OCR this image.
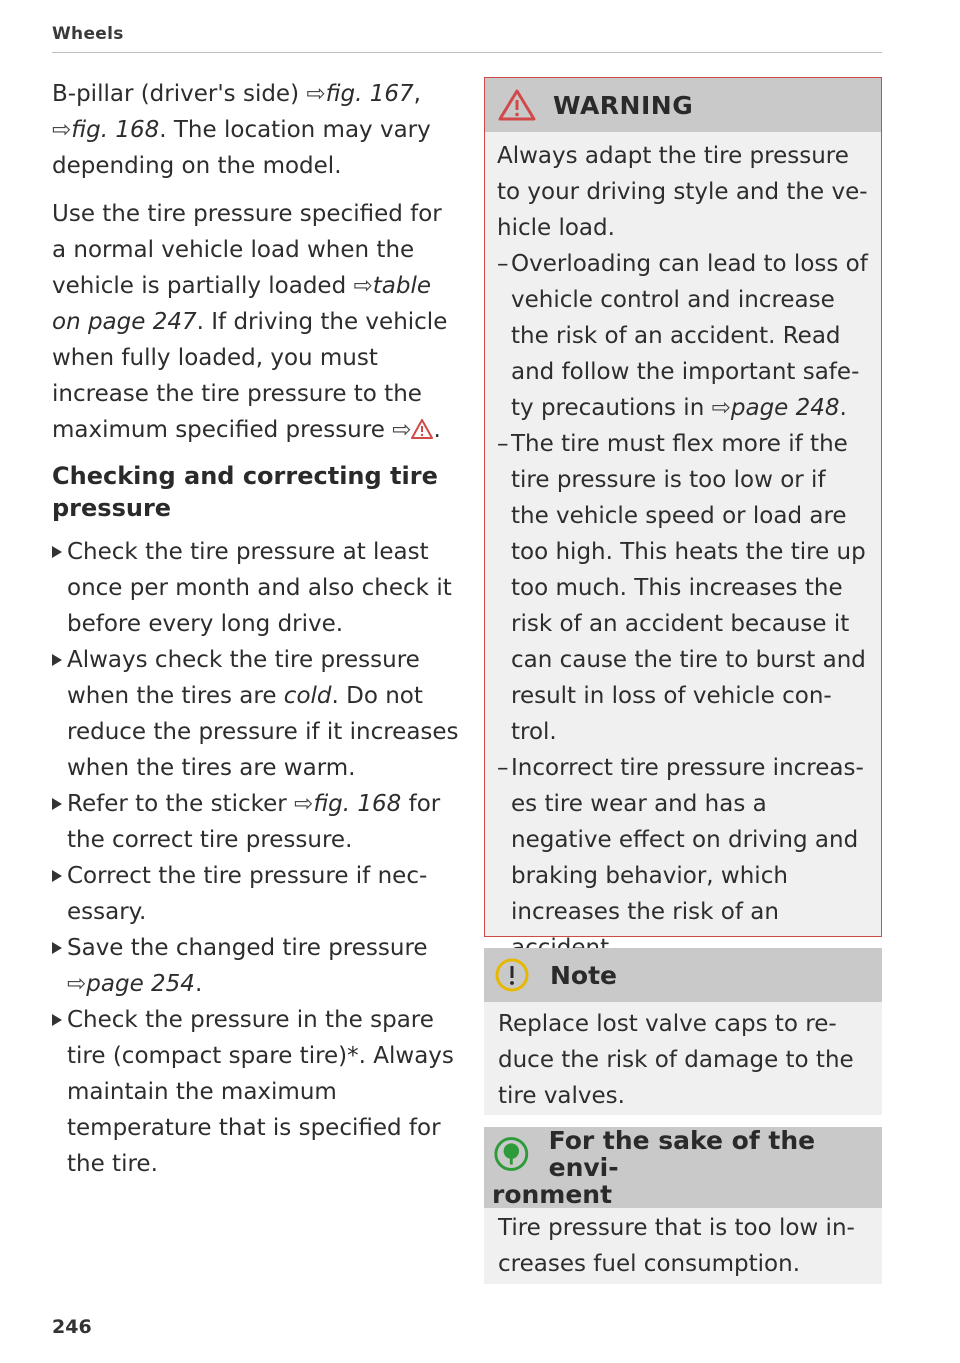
Wheels

B-pillar (driver's side) ⇨fig. 167, ⇨fig. 168. The location may vary depending on the model.

Use the tire pressure specified for a normal vehicle load when the vehicle is partially loaded ⇨table on page 247. If driving the vehicle when fully loaded, you must increase the tire pressure to the maximum specified pressure ⇨ .

Checking and correcting tire pressure
Check the tire pressure at least once per month and also check it before every long drive.
Always check the tire pressure when the tires are cold. Do not reduce the pressure if it increases when the tires are warm.
Refer to the sticker ⇨fig. 168 for the correct tire pressure.
Correct the tire pressure if necessary.
Save the changed tire pressure
⇨page 254.
Check the pressure in the spare tire (compact spare tire)*. Always maintain the maximum temperature that is specified for the tire.
246
WARNING

Always adapt the tire pressure to your driving style and the vehicle load.

– Overloading can lead to loss of vehicle control and increase the risk of an accident. Read and follow the important safety precautions in ⇨page 248.
– The tire must flex more if the tire pressure is too low or if the vehicle speed or load are too high. This heats the tire up too much. This increases the risk of an accident because it can cause the tire to burst and result in loss of vehicle control.
– Incorrect tire pressure increases tire wear and has a negative effect on driving and braking behavior, which increases the risk of an
Note
Replace lost valve caps to reduce the risk of damage to the tire valves.
For the sake of the envi-
ronment
Tire pressure that is too low increases fuel consumption.
